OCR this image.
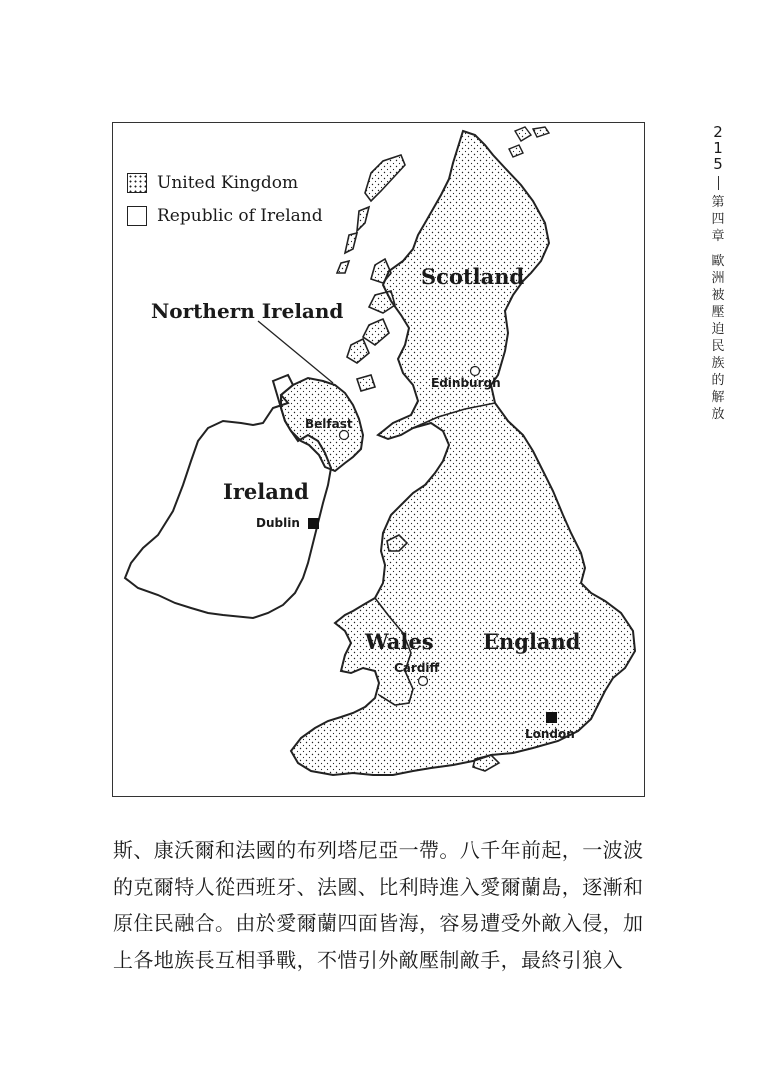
United Kingdom
Republic of Ireland
Northern Ireland
Scotland
Ireland
Wales England
Edinburgh
Belfast
Dublin
Cardiff
London
2
1
5
第
四
章
歐
洲
被
壓
迫
民
族
的
解
放

斯、康沃爾和法國的布列塔尼亞一帶。八千年前起，一波波

的克爾特人從西班牙、法國、比利時進入愛爾蘭島，逐漸和

原住民融合。由於愛爾蘭四面皆海，容易遭受外敵入侵，加

上各地族長互相爭戰，不惜引外敵壓制敵手，最終引狼入
